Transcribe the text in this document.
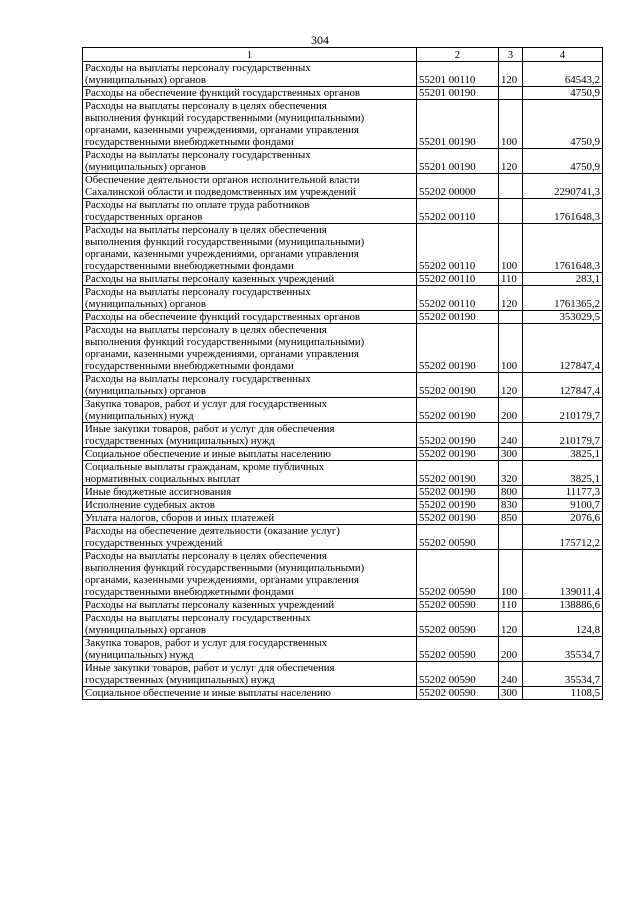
304
1	2	3	4
Расходы на выплаты персоналу государственных
(муниципальных) органов	55201 00110	120	64543,2
Расходы на обеспечение функций государственных органов	55201 00190		4750,9
Расходы на выплаты персоналу в целях обеспечения
выполнения функций государственными (муниципальными)
органами, казенными учреждениями, органами управления
государственными внебюджетными фондами	55201 00190	100	4750,9
Расходы на выплаты персоналу государственных
(муниципальных) органов	55201 00190	120	4750,9
Обеспечение деятельности органов исполнительной власти
Сахалинской области и подведомственных им учреждений	55202 00000		2290741,3
Расходы на выплаты по оплате труда работников
государственных органов	55202 00110		1761648,3
Расходы на выплаты персоналу в целях обеспечения
выполнения функций государственными (муниципальными)
органами, казенными учреждениями, органами управления
государственными внебюджетными фондами	55202 00110	100	1761648,3
Расходы на выплаты персоналу казенных учреждений	55202 00110	110	283,1
Расходы на выплаты персоналу государственных
(муниципальных) органов	55202 00110	120	1761365,2
Расходы на обеспечение функций государственных органов	55202 00190		353029,5
Расходы на выплаты персоналу в целях обеспечения
выполнения функций государственными (муниципальными)
органами, казенными учреждениями, органами управления
государственными внебюджетными фондами	55202 00190	100	127847,4
Расходы на выплаты персоналу государственных
(муниципальных) органов	55202 00190	120	127847,4
Закупка товаров, работ и услуг для государственных
(муниципальных) нужд	55202 00190	200	210179,7
Иные закупки товаров, работ и услуг для обеспечения
государственных (муниципальных) нужд	55202 00190	240	210179,7
Социальное обеспечение и иные выплаты населению	55202 00190	300	3825,1
Социальные выплаты гражданам, кроме публичных
нормативных социальных выплат	55202 00190	320	3825,1
Иные бюджетные ассигнования	55202 00190	800	11177,3
Исполнение судебных актов	55202 00190	830	9100,7
Уплата налогов, сборов и иных платежей	55202 00190	850	2076,6
Расходы на обеспечение деятельности (оказание услуг)
государственных учреждений	55202 00590		175712,2
Расходы на выплаты персоналу в целях обеспечения
выполнения функций государственными (муниципальными)
органами, казенными учреждениями, органами управления
государственными внебюджетными фондами	55202 00590	100	139011,4
Расходы на выплаты персоналу казенных учреждений	55202 00590	110	138886,6
Расходы на выплаты персоналу государственных
(муниципальных) органов	55202 00590	120	124,8
Закупка товаров, работ и услуг для государственных
(муниципальных) нужд	55202 00590	200	35534,7
Иные закупки товаров, работ и услуг для обеспечения
государственных (муниципальных) нужд	55202 00590	240	35534,7
Социальное обеспечение и иные выплаты населению	55202 00590	300	1108,5
